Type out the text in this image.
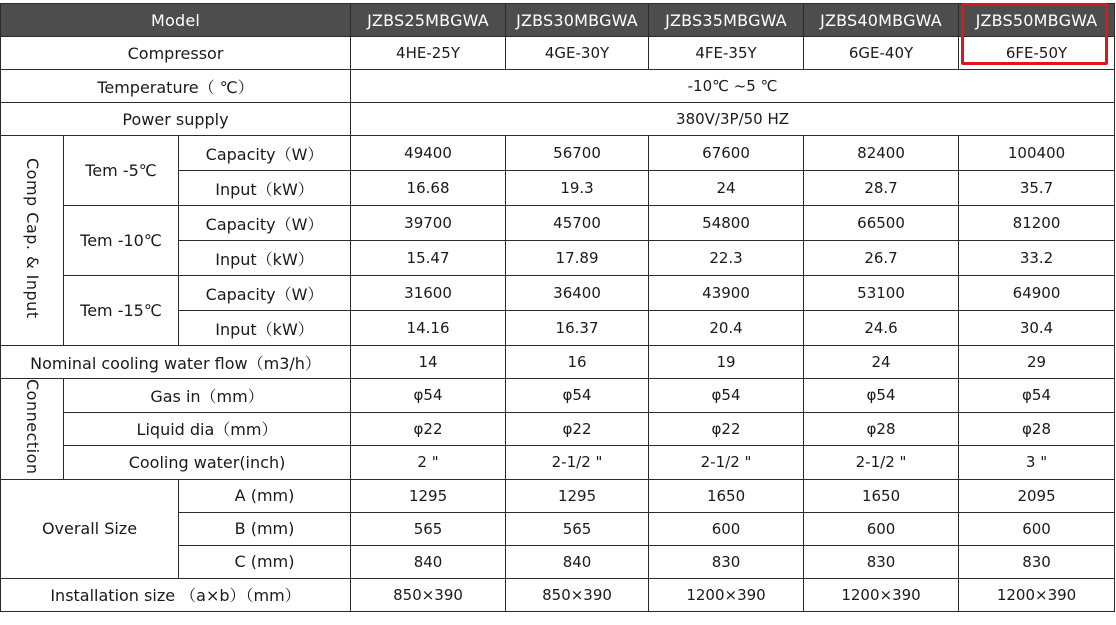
Model			JZBS25MBGWA	JZBS30MBGWA	JZBS35MBGWA	JZBS40MBGWA	JZBS50MBGWA
Compressor			4HE-25Y	4GE-30Y	4FE-35Y	6GE-40Y	6FE-50Y
Temperature（ ℃）			-10℃ ~5 ℃				
Power supply			380V/3P/50 HZ				
Comp Cap. & Input	Tem -5℃	Capacity（W）	49400	56700	67600	82400	100400
		Input（kW）	16.68	19.3	24	28.7	35.7
	Tem -10℃	Capacity（W）	39700	45700	54800	66500	81200
		Input（kW）	15.47	17.89	22.3	26.7	33.2
	Tem -15℃	Capacity（W）	31600	36400	43900	53100	64900
		Input（kW）	14.16	16.37	20.4	24.6	30.4
Nominal cooling water flow（m3/h）			14	16	19	24	29
Connection	Gas in（mm）		φ54	φ54	φ54	φ54	φ54
	Liquid dia（mm）		φ22	φ22	φ22	φ28	φ28
	Cooling water(inch)		2 "	2-1/2 "	2-1/2 "	2-1/2 "	3 "
Overall Size		A (mm)	1295	1295	1650	1650	2095
		B (mm)	565	565	600	600	600
		C (mm)	840	840	830	830	830
Installation size （a×b）（mm）			850×390	850×390	1200×390	1200×390	1200×390
